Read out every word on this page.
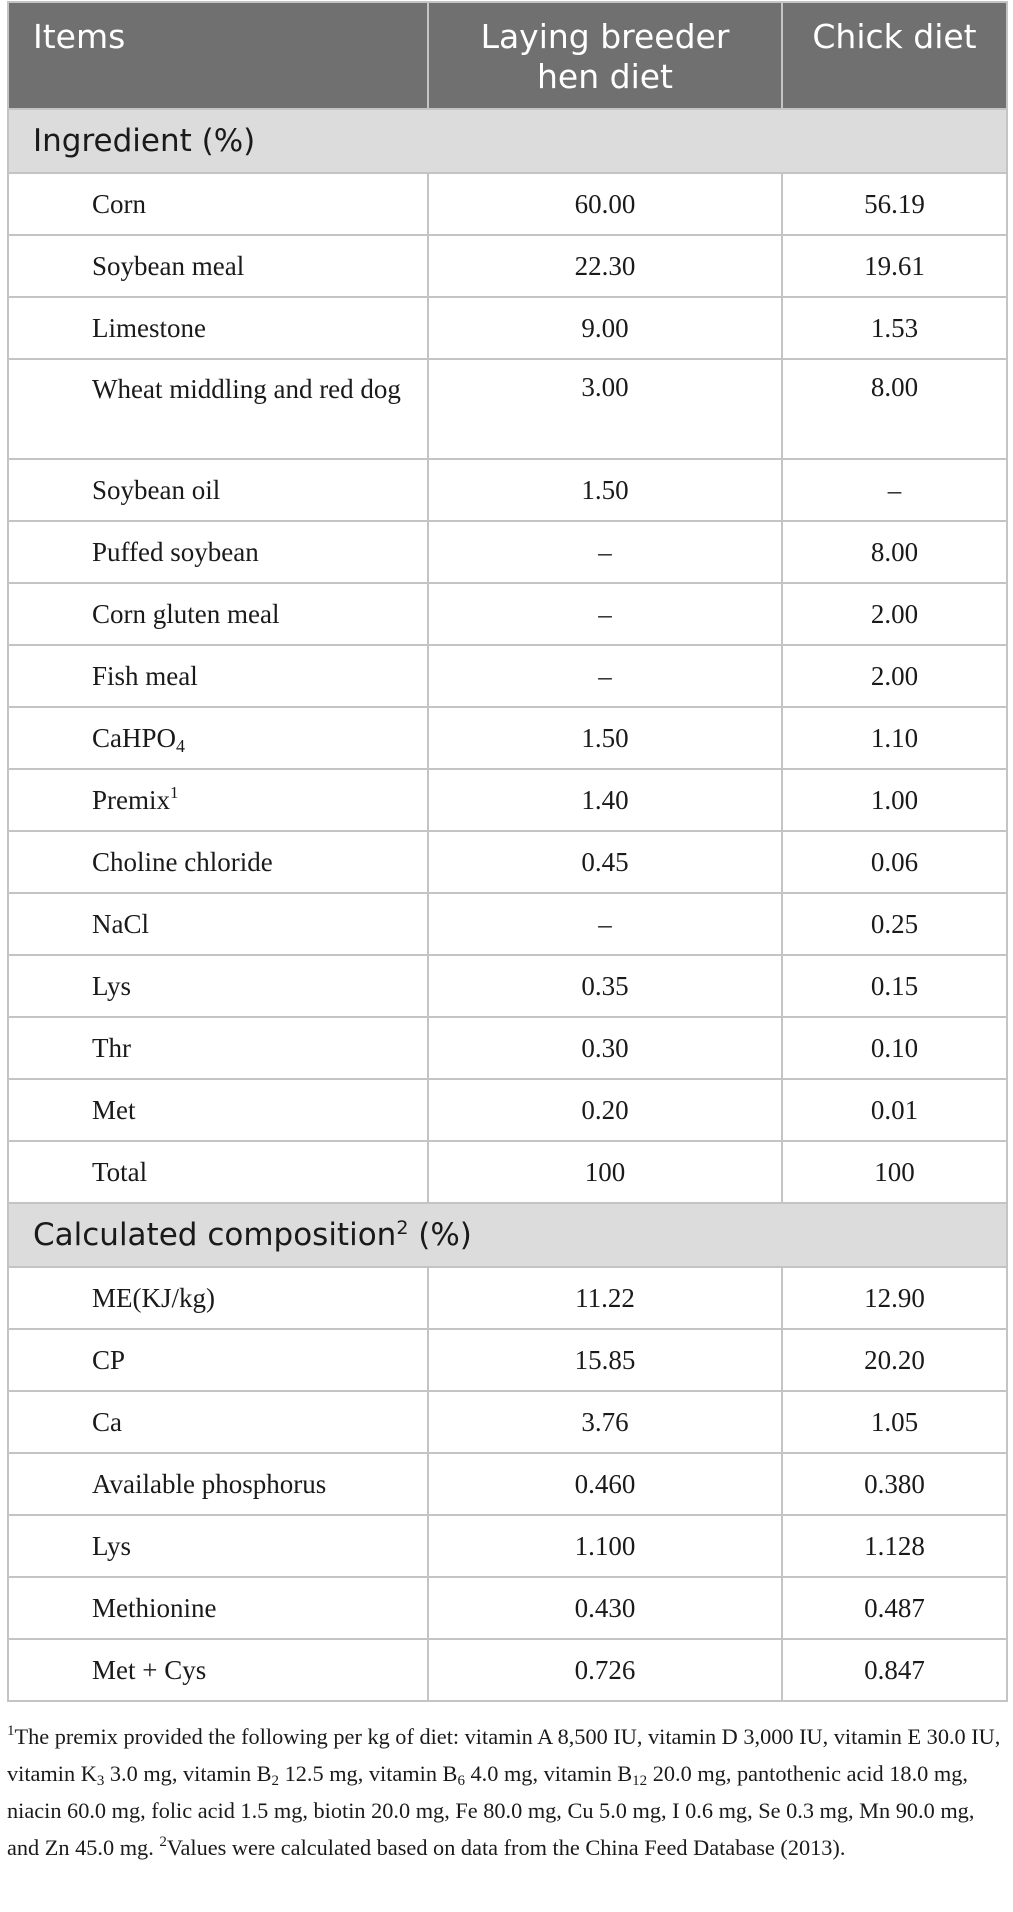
Items	Laying breeder hen diet	Chick diet
Ingredient (%)		
Corn	60.00	56.19
Soybean meal	22.30	19.61
Limestone	9.00	1.53
Wheat middling and red dog	3.00	8.00
Soybean oil	1.50	–
Puffed soybean	–	8.00
Corn gluten meal	–	2.00
Fish meal	–	2.00
CaHPO$_4$	1.50	1.10
Premix$^1$	1.40	1.00
Choline chloride	0.45	0.06
NaCl	–	0.25
Lys	0.35	0.15
Thr	0.30	0.10
Met	0.20	0.01
Total	100	100
Calculated composition$^2$ (%)		
ME(KJ/kg)	11.22	12.90
CP	15.85	20.20
Ca	3.76	1.05
Available phosphorus	0.460	0.380
Lys	1.100	1.128
Methionine	0.430	0.487
Met + Cys	0.726	0.847
$^1$The premix provided the following per kg of diet: vitamin A 8,500 IU, vitamin D 3,000 IU, vitamin E 30.0 IU, vitamin $K_3$ 3.0 mg, vitamin $B_2$ 12.5 mg, vitamin $B_6$ 4.0 mg, vitamin $B_{12}$ 20.0 mg, pantothenic acid 18.0 mg, niacin 60.0 mg, folic acid 1.5 mg, biotin 20.0 mg, Fe 80.0 mg, Cu 5.0 mg, I 0.6 mg, Se 0.3 mg, Mn 90.0 mg, and Zn 45.0 mg. $^2$Values were calculated based on data from the China Feed Database (2013).
